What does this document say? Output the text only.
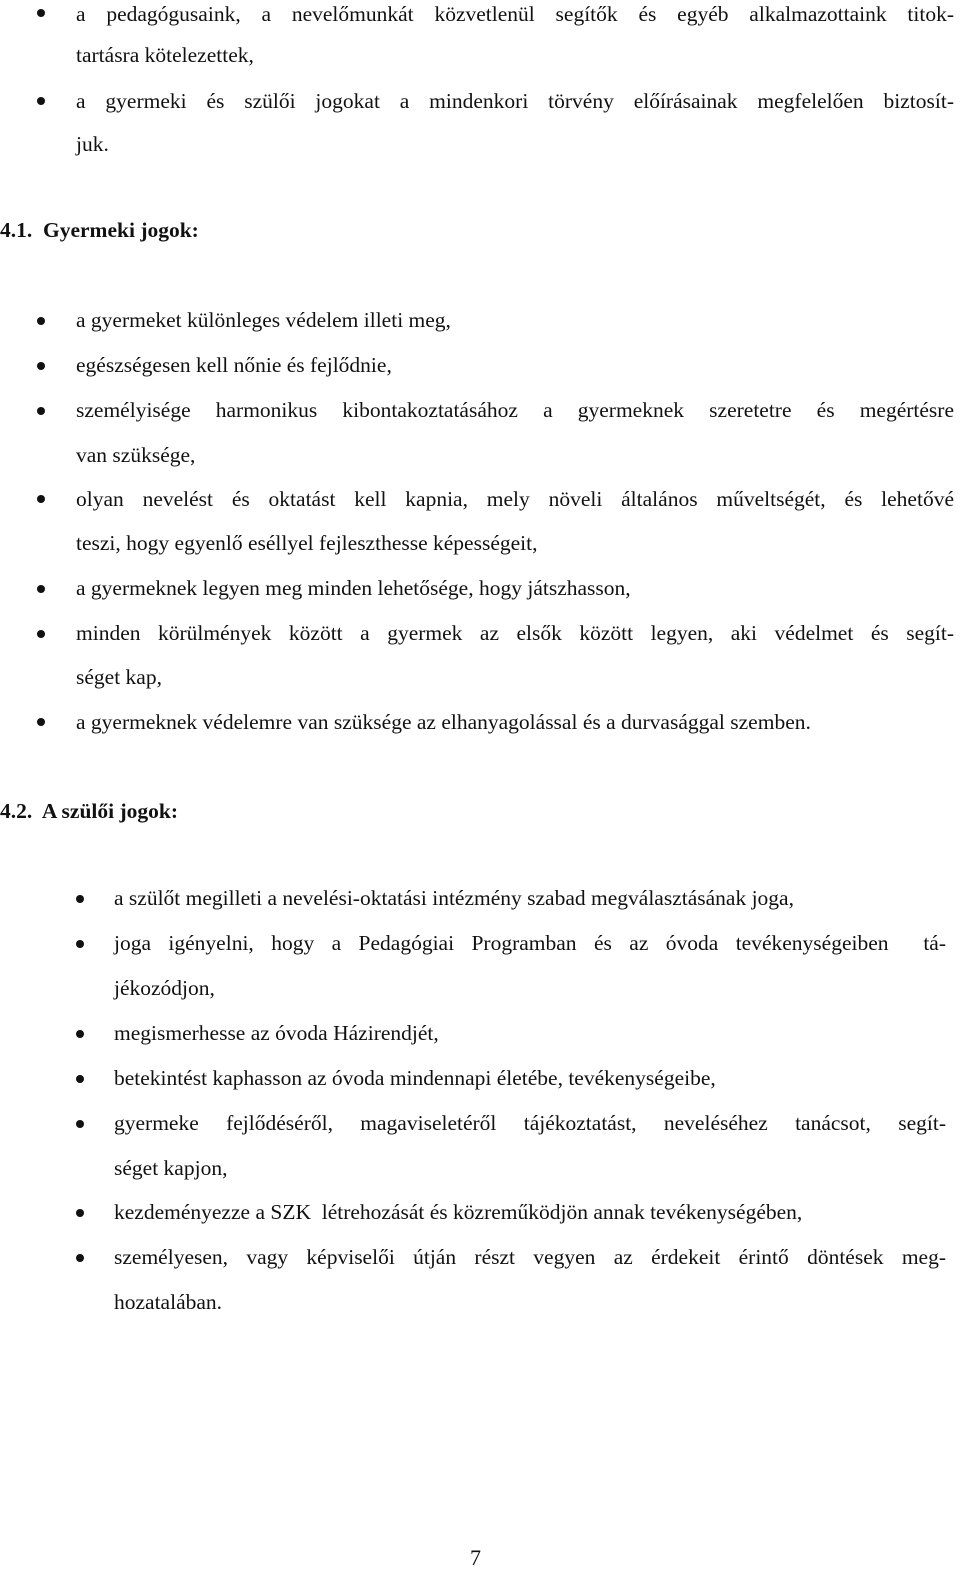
a pedagógusaink, a nevelőmunkát közvetlenül segítők és egyéb alkalmazottaink titok-
tartásra kötelezettek,
a gyermeki és szülői jogokat a mindenkori törvény előírásainak megfelelően biztosít-
juk.
4.1.  Gyermeki jogok:
a gyermeket különleges védelem illeti meg,
egészségesen kell nőnie és fejlődnie,
személyisége harmonikus kibontakoztatásához a gyermeknek szeretetre és megértésre
van szüksége,
olyan nevelést és oktatást kell kapnia, mely növeli általános műveltségét, és lehetővé
teszi, hogy egyenlő eséllyel fejleszthesse képességeit,
a gyermeknek legyen meg minden lehetősége, hogy játszhasson,
minden körülmények között a gyermek az elsők között legyen, aki védelmet és segít-
séget kap,
a gyermeknek védelemre van szüksége az elhanyagolással és a durvasággal szemben.
4.2.  A szülői jogok:
a szülőt megilleti a nevelési-oktatási intézmény szabad megválasztásának joga,
joga igényelni, hogy a Pedagógiai Programban és az óvoda tevékenységeiben  tá-
jékozódjon,
megismerhesse az óvoda Házirendjét,
betekintést kaphasson az óvoda mindennapi életébe, tevékenységeibe,
gyermeke fejlődéséről, magaviseletéről tájékoztatást, neveléséhez tanácsot, segít-
séget kapjon,
kezdeményezze a SZK  létrehozását és közreműködjön annak tevékenységében,
személyesen, vagy képviselői útján részt vegyen az érdekeit érintő döntések meg-
hozatalában.
7
